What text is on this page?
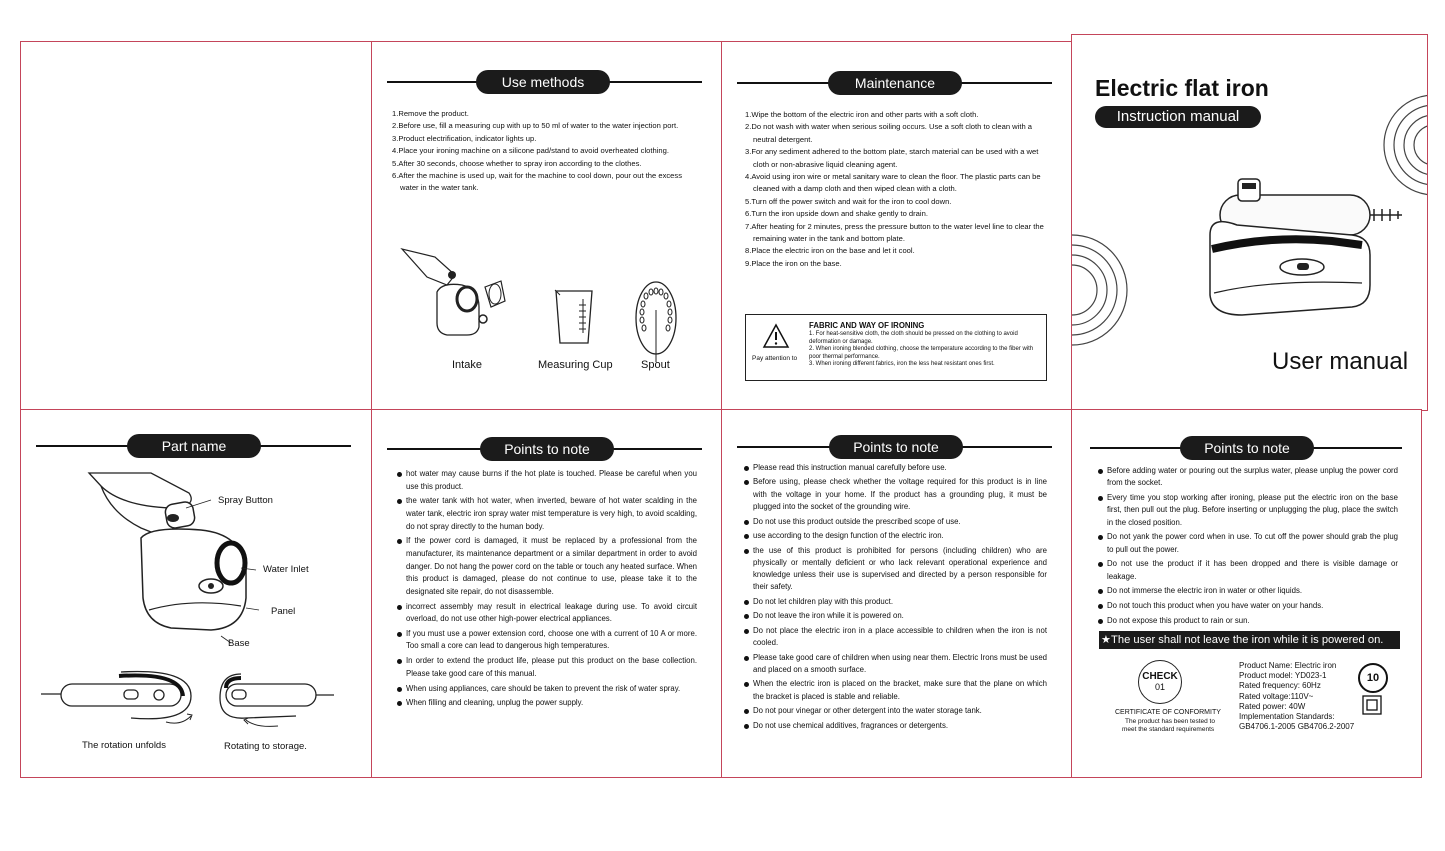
Use methods
1.Remove the product.
2.Before use, fill a measuring cup with up to 50 ml of water to the water injection port.
3.Product electrification, indicator lights up.
4.Place your ironing machine on a silicone pad/stand to avoid overheated clothing.
5.After 30 seconds, choose whether to spray iron according to the clothes.
6.After the machine is used up, wait for the machine to cool down, pour out the excess water in the water tank.
Intake	Measuring Cup	Spout
Maintenance
1.Wipe the bottom of the electric iron and other parts with a soft cloth.
2.Do not wash with water when serious soiling occurs. Use a soft cloth to clean with a neutral detergent.
3.For any sediment adhered to the bottom plate, starch material can be used with a wet cloth or non-abrasive liquid cleaning agent.
4.Avoid using iron wire or metal sanitary ware to clean the floor. The plastic parts can be cleaned with a damp cloth and then wiped clean with a cloth.
5.Turn off the power switch and wait for the iron to cool down.
6.Turn the iron upside down and shake gently to drain.
7.After heating for 2 minutes, press the pressure button to the water level line to clear the remaining water in the tank and bottom plate.
8.Place the electric iron on the base and let it cool.
9.Place the iron on the base.
Pay attention to
FABRIC AND WAY OF IRONING
1. For heat-sensitive cloth, the cloth should be pressed on the clothing to avoid deformation or damage.
2. When ironing blended clothing, choose the temperature according to the fiber with poor thermal performance.
3. When ironing different fabrics, iron the less heat resistant ones first.
Electric flat iron
Instruction manual
User manual
Part name
Spray Button
Water Inlet
Panel
Base
The rotation unfolds	Rotating to storage.
Points to note
hot water may cause burns if the hot plate is touched. Please be careful when you use this product.
the water tank with hot water, when inverted, beware of hot water scalding in the water tank, electric iron spray water mist temperature is very high, to avoid scalding, do not spray directly to the human body.
If the power cord is damaged, it must be replaced by a professional from the manufacturer, its maintenance department or a similar department in order to avoid danger. Do not hang the power cord on the table or touch any heated surface. When this product is damaged, please do not continue to use, please take it to the designated site repair, do not disassemble.
incorrect assembly may result in electrical leakage during use. To avoid circuit overload, do not use other high-power electrical appliances.
If you must use a power extension cord, choose one with a current of 10 A or more. Too small a core can lead to dangerous high temperatures.
In order to extend the product life, please put this product on the base collection. Please take good care of this manual.
When using appliances, care should be taken to prevent the risk of water spray.
When filling and cleaning, unplug the power supply.
Points to note
Please read this instruction manual carefully before use.
Before using, please check whether the voltage required for this product is in line with the voltage in your home. If the product has a grounding plug, it must be plugged into the socket of the grounding wire.
Do not use this product outside the prescribed scope of use.
use according to the design function of the electric iron.
the use of this product is prohibited for persons (including children) who are physically or mentally deficient or who lack relevant operational experience and knowledge unless their use is supervised and directed by a person responsible for their safety.
Do not let children play with this product.
Do not leave the iron while it is powered on.
Do not place the electric iron in a place accessible to children when the iron is not cooled.
Please take good care of children when using near them. Electric Irons must be used and placed on a smooth surface.
When the electric iron is placed on the bracket, make sure that the plane on which the bracket is placed is stable and reliable.
Do not pour vinegar or other detergent into the water storage tank.
Do not use chemical additives, fragrances or detergents.
Points to note
Before adding water or pouring out the surplus water, please unplug the power cord from the socket.
Every time you stop working after ironing, please put the electric iron on the base first, then pull out the plug. Before inserting or unplugging the plug, place the switch in the closed position.
Do not yank the power cord when in use. To cut off the power should grab the plug to pull out the power.
Do not use the product if it has been dropped and there is visible damage or leakage.
Do not immerse the electric iron in water or other liquids.
Do not touch this product when you have water on your hands.
Do not expose this product to rain or sun.
★The user shall not leave the iron while it is powered on.
CHECK
01
CERTIFICATE OF CONFORMITY
The product has been tested to
meet the standard requirements
Product Name: Electric iron
Product model: YD023-1
Rated frequency: 60Hz
Rated voltage:110V~
Rated power: 40W
Implementation Standards:
GB4706.1-2005 GB4706.2-2007
10
